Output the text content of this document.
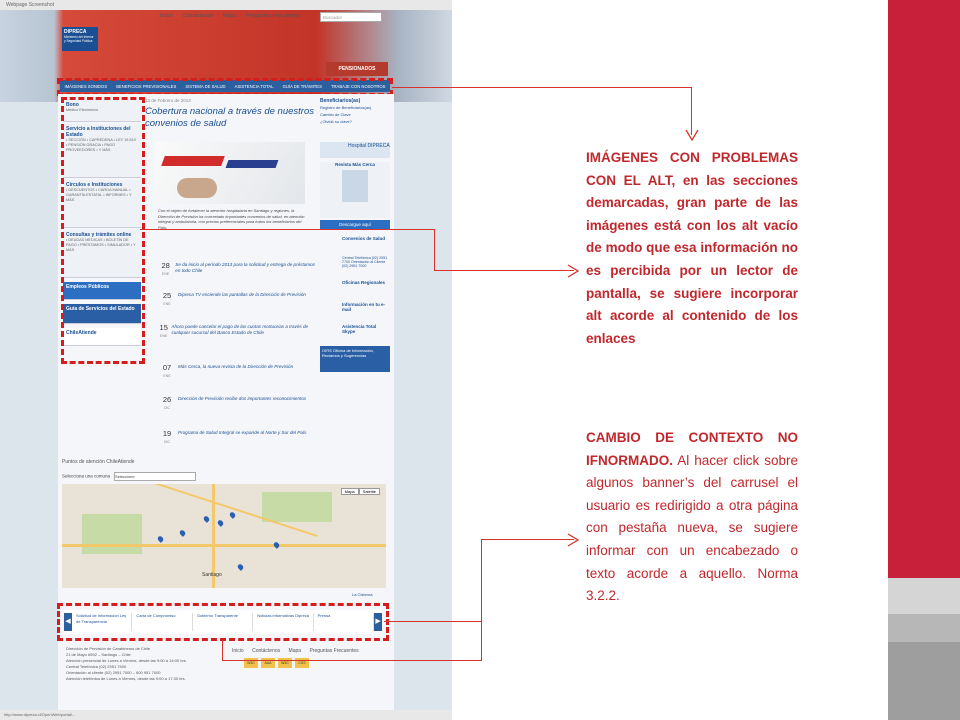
Webpage Screenshot
Inicio Contáctenos Mapa Preguntas Frecuentes	Buscador
DIPRECA
Ministerio del Interior y Seguridad Pública
PENSIONADOS
IMÁGENES SONIDOS BENEFICIOS PREVISIONALES SISTEMA DE SALUD ASISTENCIA TOTAL GUÍA DE TRÁMITES TRABAJE CON NOSOTROS
Bono
Médico Electrónico
Servicio a Instituciones del Estado
• SECCIÓN • CAPREDENA • LEY 19.519 • PENSIÓN GRACIA • PAGO PROVEEDORES • Y MÁS
Círculos e Instituciones
• DESCUENTOS • CARGA MANUAL • GARANTÍA ESTATAL • INFORMES • Y MÁS
Consultas y trámites online
• DEUDAS MÉDICAS • BOLETÍN DE PAGO • PRÉSTAMOS • SIMULADOR • Y MÁS
Empleos Públicos
Guía de Servicios del Estado
ChileAtiende
13 de Febrero de 2013
Cobertura nacional a través de nuestros convenios de salud
Con el objeto de fortalecer la atención hospitalaria en Santiago y regiones, la Dirección de Previsión ha concretado importantes convenios de salud, en atención integral y ambulatoria, con precios preferenciales para todos los beneficiarios del País.
28
ENE
Se da inicio al período 2013 para la solicitud y entrega de préstamos en todo Chile
25
ENE
Dipreca TV enciende las pantallas de la Dirección de Previsión
15
ENE
Ahora puede cancelar el pago de las cuotas mortuorias a través de cualquier sucursal del Banco Estado de Chile
07
ENE
Más Cerca, la nueva revista de la Dirección de Previsión
26
DIC
Dirección de Previsión recibe dos importantes reconocimientos
19
DIC
Programa de Salud Integral se expande al Norte y Sur del País
Beneficiarios(as)
Registro de Beneficiarios(as)
Cambio de Clave
¿Olvidó su clave?
Hospital DIPRECA
Revista Más Cerca
Descargue aquí
Convenios de Salud
Central Telefónica (02) 2951 7700 Orientación al Cliente (02) 2951 7000
Oficinas Regionales
Información en tu e-mail
Asistencia Total Skype
OIRS Oficina de Información, Reclamos y Sugerencias
Puntos de atención ChileAtiende
Selecciona una comuna Seleccione
Mapa	Satélite
Santiago
La Cisterna
◀
Solicitud de Información Ley de Transparencia
Carta de Compromiso	Gobierno Transparente	Noticias informativas Dipreca	Prensa
▶
Dirección de Previsión de Carabineros de Chile
21 de Mayo #592 – Santiago – Chile
Atención presencial de Lunes a Viernes, desde las 9:00 a 14:00 hrs.
Central Telefónica (02) 2951 7500
Orientación al cliente (02) 2951 7000 – 600 951 7000
Atención telefónica de Lunes a Viernes, desde las 9:00 a 17:30 hrs.
Inicio Contáctenos Mapa Preguntas Frecuentes
W3C	AAA	W3C	CSS
http://www.dipreca.cl/OpenWeb/portal/...
IMÁGENES CON PROBLEMAS CON EL ALT, en las secciones demarcadas, gran parte de las imágenes está con los alt vacío de modo que esa información no es percibida por un lector de pantalla, se sugiere incorporar alt acorde al contenido de los enlaces
CAMBIO DE CONTEXTO NO IFNORMADO. Al hacer click sobre algunos banner’s del carrusel el usuario es redirigido a otra página con pestaña nueva, se sugiere informar con un encabezado o texto acorde a aquello. Norma 3.2.2.
